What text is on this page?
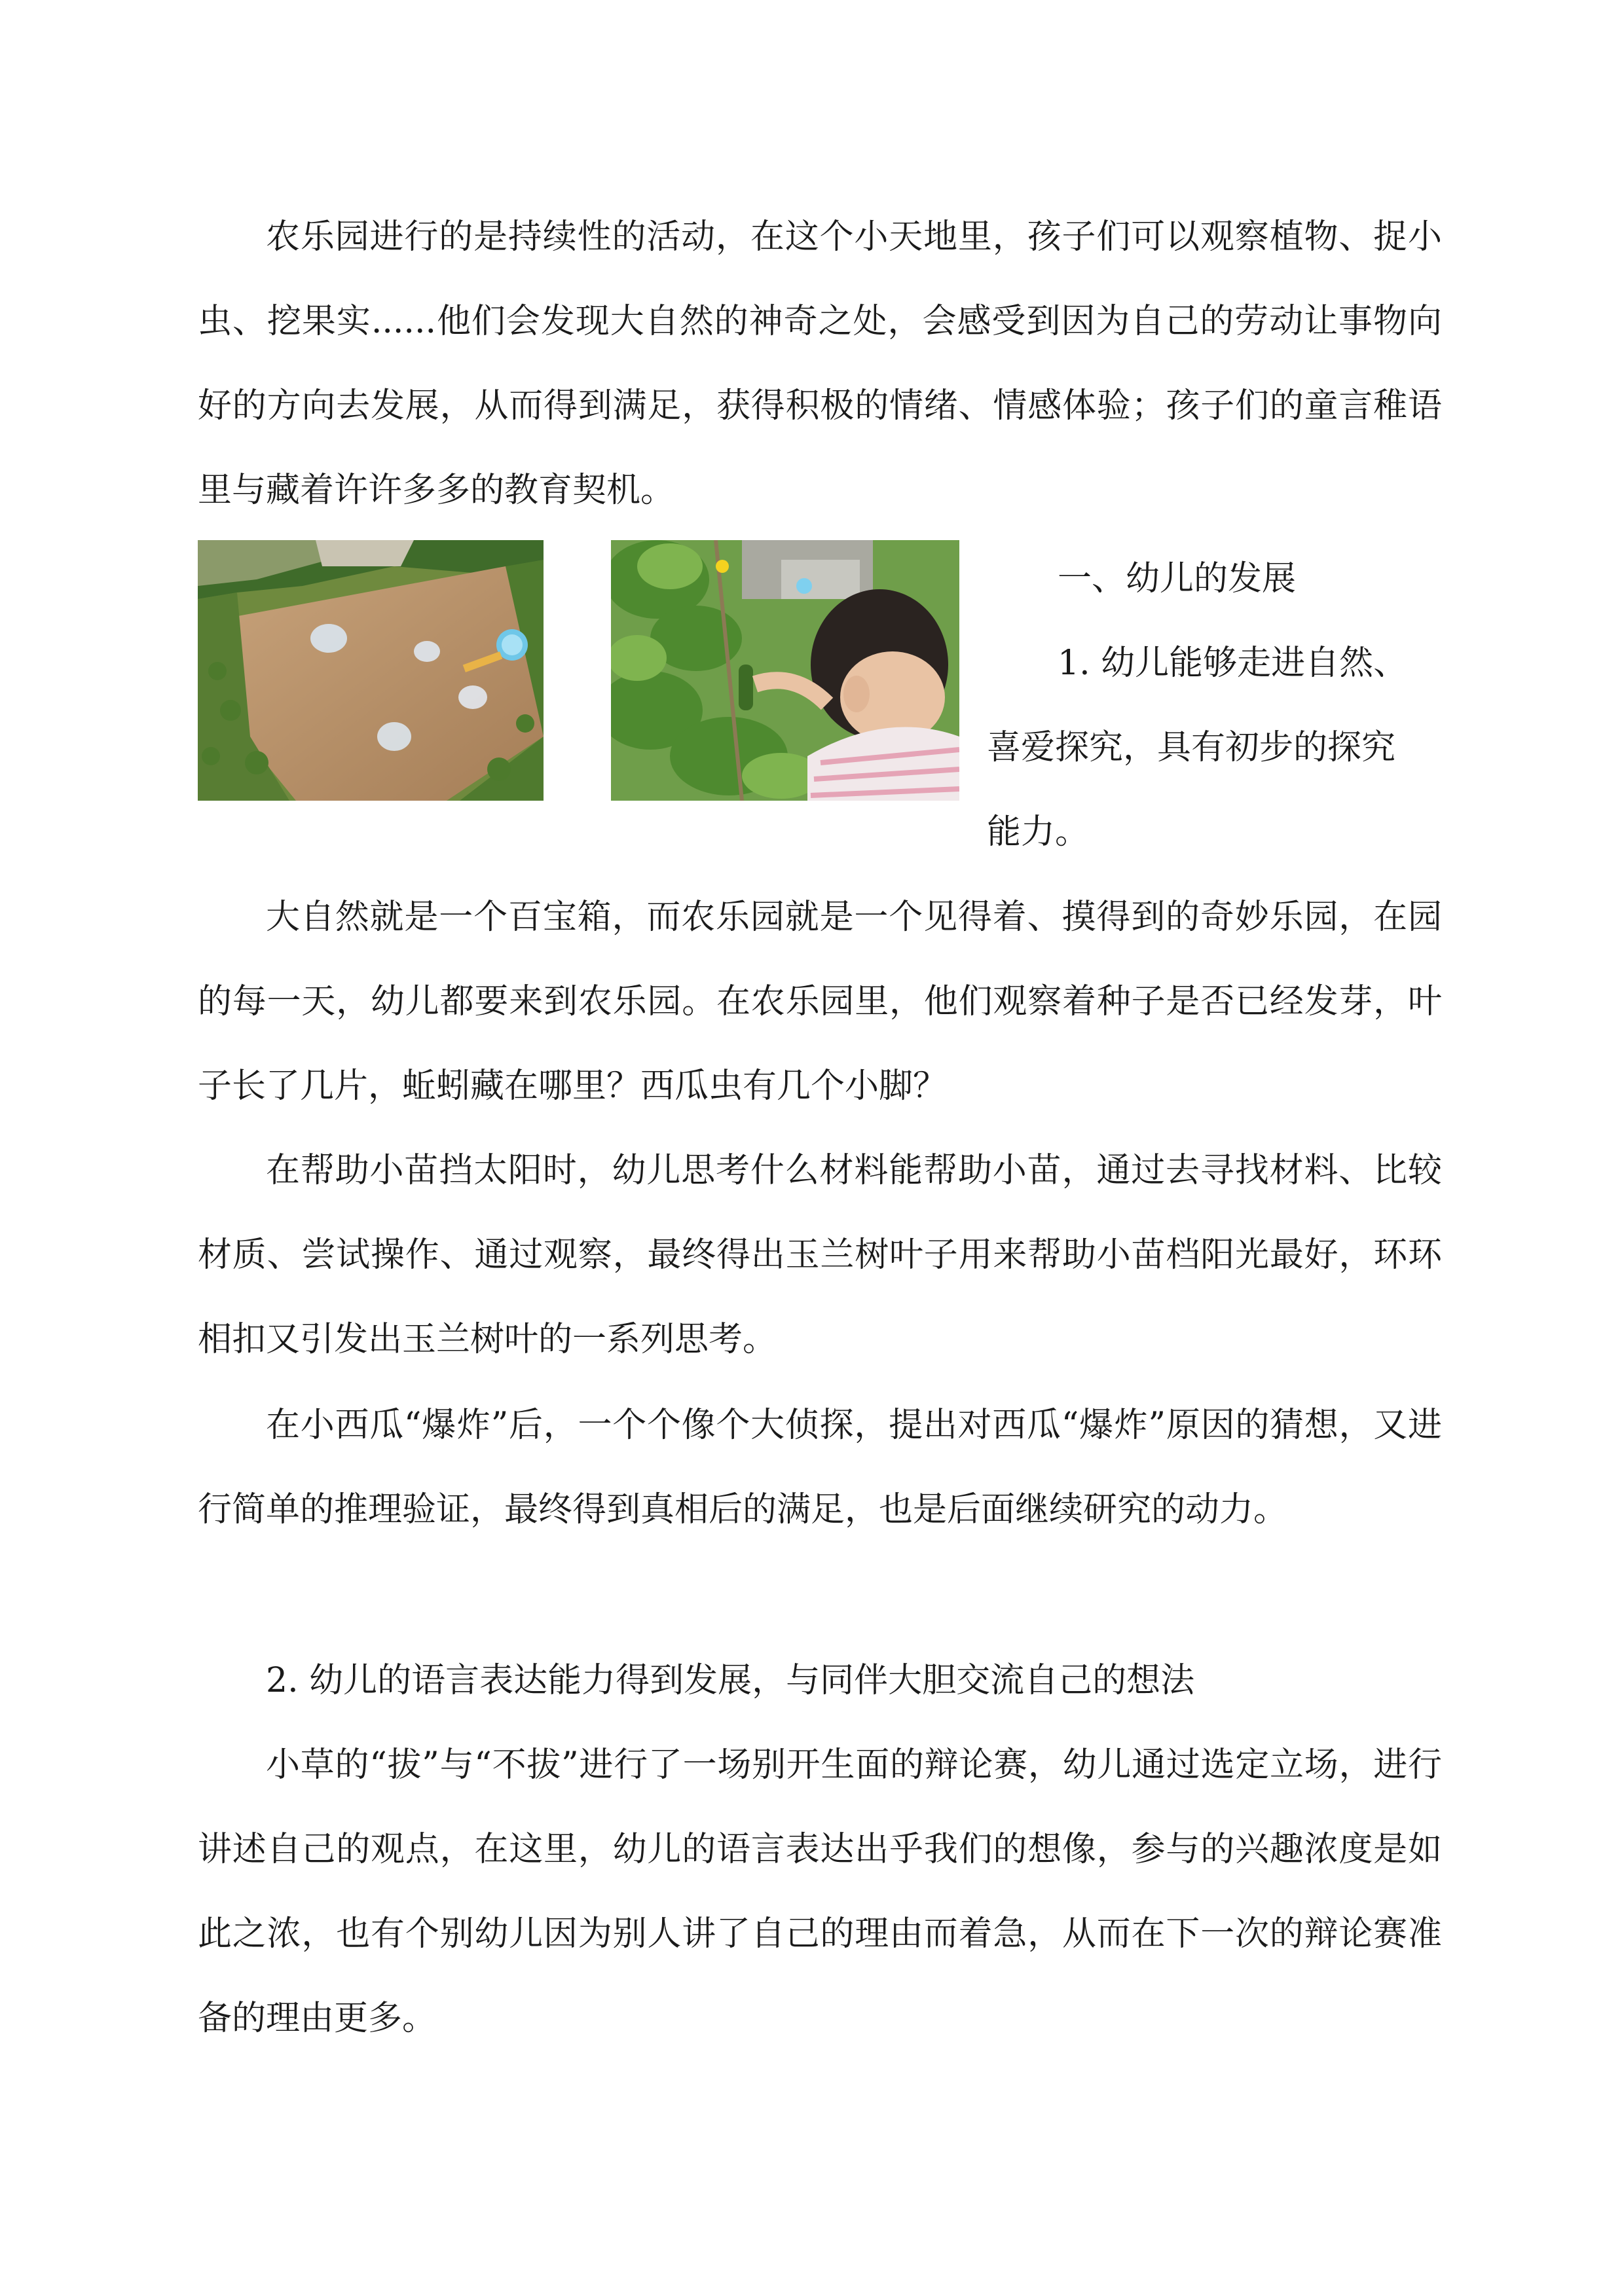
农乐园进行的是持续性的活动，在这个小天地里，孩子们可以观察植物、捉小虫、挖果实......他们会发现大自然的神奇之处，会感受到因为自己的劳动让事物向好的方向去发展，从而得到满足，获得积极的情绪、情感体验；孩子们的童言稚语里与藏着许许多多的教育契机。

一、幼儿的发展

1. 幼儿能够走进自然、

喜爱探究，具有初步的探究

能力。

大自然就是一个百宝箱，而农乐园就是一个见得着、摸得到的奇妙乐园，在园的每一天，幼儿都要来到农乐园。在农乐园里，他们观察着种子是否已经发芽，叶子长了几片，蚯蚓藏在哪里？西瓜虫有几个小脚？

在帮助小苗挡太阳时，幼儿思考什么材料能帮助小苗，通过去寻找材料、比较材质、尝试操作、通过观察，最终得出玉兰树叶子用来帮助小苗档阳光最好，环环相扣又引发出玉兰树叶的一系列思考。

在小西瓜“爆炸”后，一个个像个大侦探，提出对西瓜“爆炸”原因的猜想，又进行简单的推理验证，最终得到真相后的满足，也是后面继续研究的动力。

2. 幼儿的语言表达能力得到发展，与同伴大胆交流自己的想法

小草的“拔”与“不拔”进行了一场别开生面的辩论赛，幼儿通过选定立场，进行讲述自己的观点，在这里，幼儿的语言表达出乎我们的想像，参与的兴趣浓度是如此之浓，也有个别幼儿因为别人讲了自己的理由而着急，从而在下一次的辩论赛准备的理由更多。
